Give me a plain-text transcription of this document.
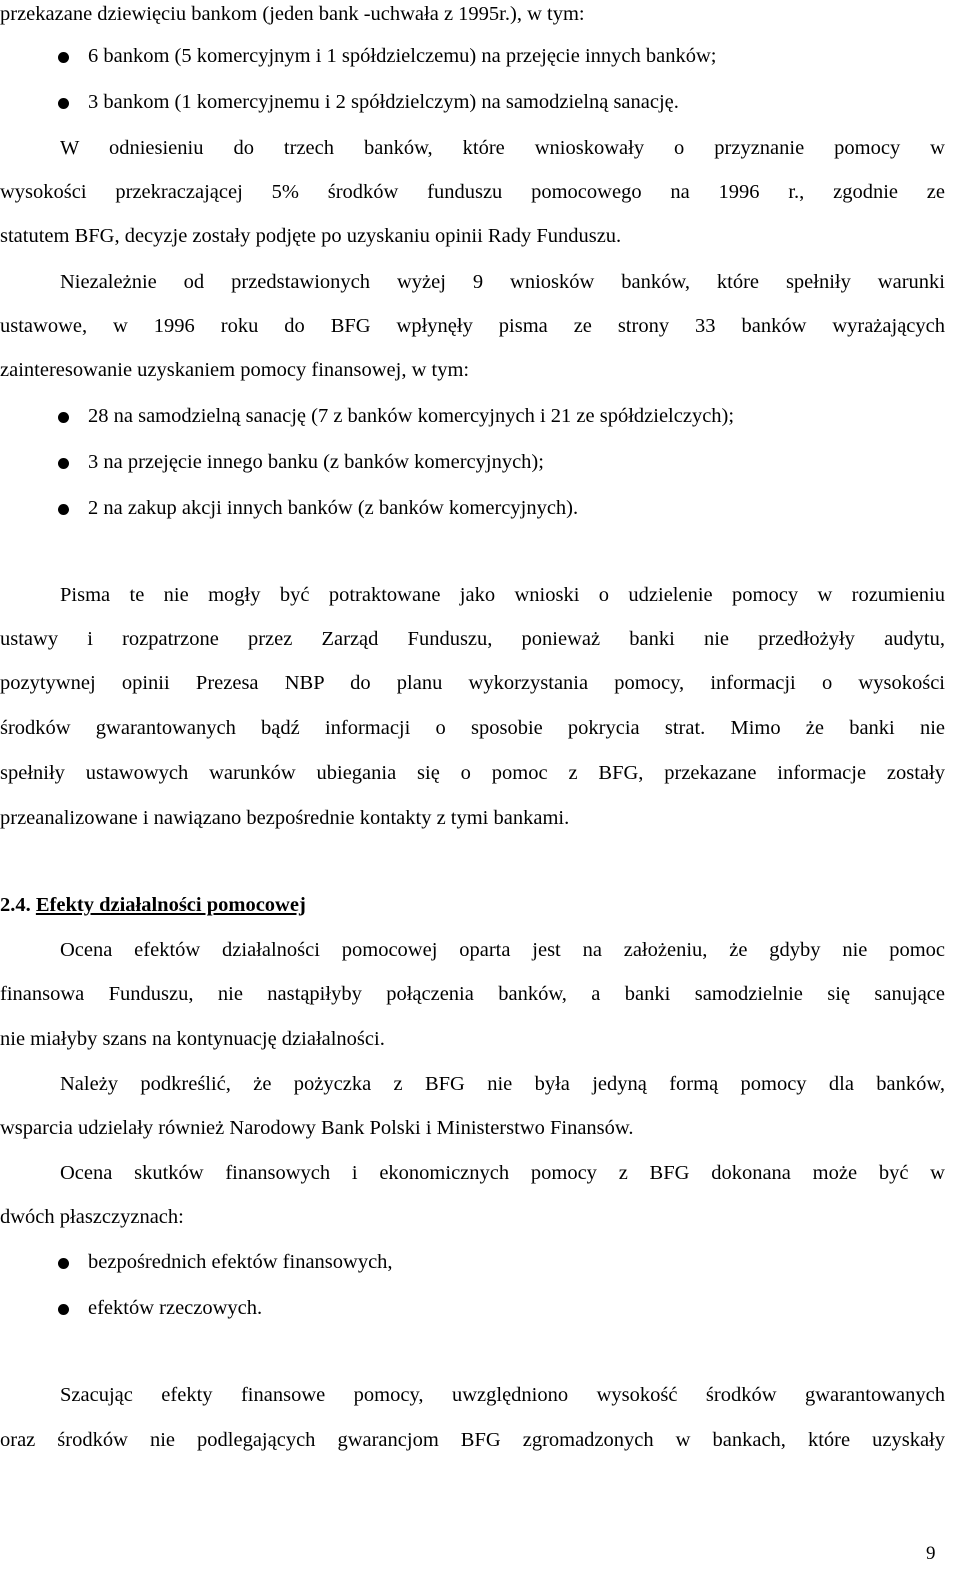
przekazane dziewięciu bankom (jeden bank -uchwała z 1995r.), w tym:

6 bankom (5 komercyjnym i 1 spółdzielczemu) na przejęcie innych banków;

3 bankom (1 komercyjnemu i 2 spółdzielczym) na samodzielną sanację.

W odniesieniu do trzech banków, które wnioskowały o przyznanie pomocy w

wysokości przekraczającej 5% środków funduszu pomocowego na 1996 r., zgodnie ze

statutem BFG, decyzje zostały podjęte po uzyskaniu opinii Rady Funduszu.

Niezależnie od przedstawionych wyżej 9 wniosków banków, które spełniły warunki

ustawowe, w 1996 roku do BFG wpłynęły pisma ze strony 33 banków wyrażających

zainteresowanie uzyskaniem pomocy finansowej, w tym:

28 na samodzielną sanację (7 z banków komercyjnych i 21 ze spółdzielczych);

3 na przejęcie innego banku (z banków komercyjnych);

2 na zakup akcji innych banków (z banków komercyjnych).

Pisma te nie mogły być potraktowane jako wnioski o udzielenie pomocy w rozumieniu

ustawy i rozpatrzone przez Zarząd Funduszu, ponieważ banki nie przedłożyły audytu,

pozytywnej opinii Prezesa NBP do planu wykorzystania pomocy, informacji o wysokości

środków gwarantowanych bądź informacji o sposobie pokrycia strat. Mimo że banki nie

spełniły ustawowych warunków ubiegania się o pomoc z BFG, przekazane informacje zostały

przeanalizowane i nawiązano bezpośrednie kontakty z tymi bankami.

2.4. Efekty działalności pomocowej

Ocena efektów działalności pomocowej oparta jest na założeniu, że gdyby nie pomoc

finansowa Funduszu, nie nastąpiłyby połączenia banków, a banki samodzielnie się sanujące

nie miałyby szans na kontynuację działalności.

Należy podkreślić, że pożyczka z BFG nie była jedyną formą pomocy dla banków,

wsparcia udzielały również Narodowy Bank Polski i Ministerstwo Finansów.

Ocena skutków finansowych i ekonomicznych pomocy z BFG dokonana może być w

dwóch płaszczyznach:

bezpośrednich efektów finansowych,

efektów rzeczowych.

Szacując efekty finansowe pomocy, uwzględniono wysokość środków gwarantowanych

oraz środków nie podlegających gwarancjom BFG zgromadzonych w bankach, które uzyskały

9
